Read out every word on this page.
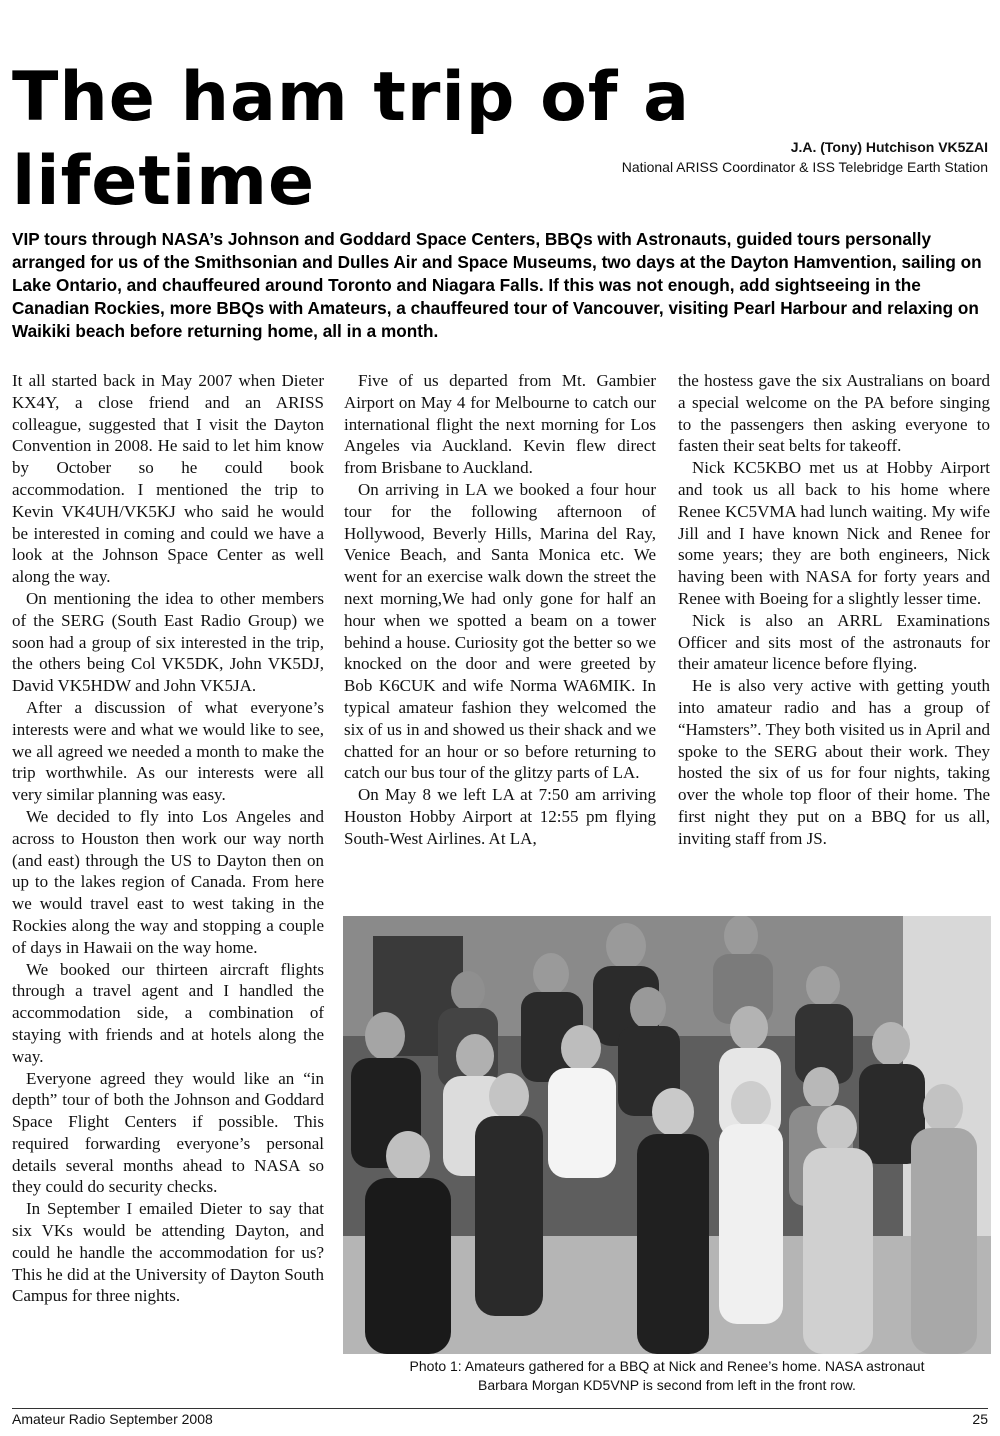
The ham trip of a lifetime	J.A. (Tony) Hutchison VK5ZAI
National ARISS Coordinator & ISS Telebridge Earth Station

VIP tours through NASA’s Johnson and Goddard Space Centers, BBQs with Astronauts, guided tours personally arranged for us of the Smithsonian and Dulles Air and Space Museums, two days at the Dayton Hamvention, sailing on Lake Ontario, and chauffeured around Toronto and Niagara Falls. If this was not enough, add sightseeing in the Canadian Rockies, more BBQs with Amateurs, a chauffeured tour of Vancouver, visiting Pearl Harbour and relaxing on Waikiki beach before returning home, all in a month.

It all started back in May 2007 when Dieter KX4Y, a close friend and an ARISS colleague, suggested that I visit the Dayton Convention in 2008. He said to let him know by October so he could book accommodation. I mentioned the trip to Kevin VK4UH/VK5KJ who said he would be interested in coming and could we have a look at the Johnson Space Center as well along the way.

On mentioning the idea to other members of the SERG (South East Radio Group) we soon had a group of six interested in the trip, the others being Col VK5DK, John VK5DJ, David VK5HDW and John VK5JA.

After a discussion of what everyone’s interests were and what we would like to see, we all agreed we needed a month to make the trip worthwhile. As our interests were all very similar planning was easy.

We decided to fly into Los Angeles and across to Houston then work our way north (and east) through the US to Dayton then on up to the lakes region of Canada. From here we would travel east to west taking in the Rockies along the way and stopping a couple of days in Hawaii on the way home.

We booked our thirteen aircraft flights through a travel agent and I handled the accommodation side, a combination of staying with friends and at hotels along the way.

Everyone agreed they would like an “in depth” tour of both the Johnson and Goddard Space Flight Centers if possible. This required forwarding everyone’s personal details several months ahead to NASA so they could do security checks.

In September I emailed Dieter to say that six VKs would be attending Dayton, and could he handle the accommodation for us? This he did at the University of Dayton South Campus for three nights.

Five of us departed from Mt. Gambier Airport on May 4 for Melbourne to catch our international flight the next morning for Los Angeles via Auckland. Kevin flew direct from Brisbane to Auckland.

On arriving in LA we booked a four hour tour for the following afternoon of Hollywood, Beverly Hills, Marina del Ray, Venice Beach, and Santa Monica etc. We went for an exercise walk down the street the next morning,We had only gone for half an hour when we spotted a beam on a tower behind a house. Curiosity got the better so we knocked on the door and were greeted by Bob K6CUK and wife Norma WA6MIK. In typical amateur fashion they welcomed the six of us in and showed us their shack and we chatted for an hour or so before returning to catch our bus tour of the glitzy parts of LA.

On May 8 we left LA at 7:50 am arriving Houston Hobby Airport at 12:55 pm flying South-West Airlines. At LA,

the hostess gave the six Australians on board a special welcome on the PA before singing to the passengers then asking everyone to fasten their seat belts for takeoff.

Nick KC5KBO met us at Hobby Airport and took us all back to his home where Renee KC5VMA had lunch waiting. My wife Jill and I have known Nick and Renee for some years; they are both engineers, Nick having been with NASA for forty years and Renee with Boeing for a slightly lesser time.

Nick is also an ARRL Examinations Officer and sits most of the astronauts for their amateur licence before flying.

He is also very active with getting youth into amateur radio and has a group of “Hamsters”. They both visited us in April and spoke to the SERG about their work. They hosted the six of us for four nights, taking over the whole top floor of their home. The first night they put on a BBQ for us all, inviting staff from JS.

Photo 1: Amateurs gathered for a BBQ at Nick and Renee’s home. NASA astronaut
Barbara Morgan KD5VNP is second from left in the front row.
Amateur Radio September 2008	25
